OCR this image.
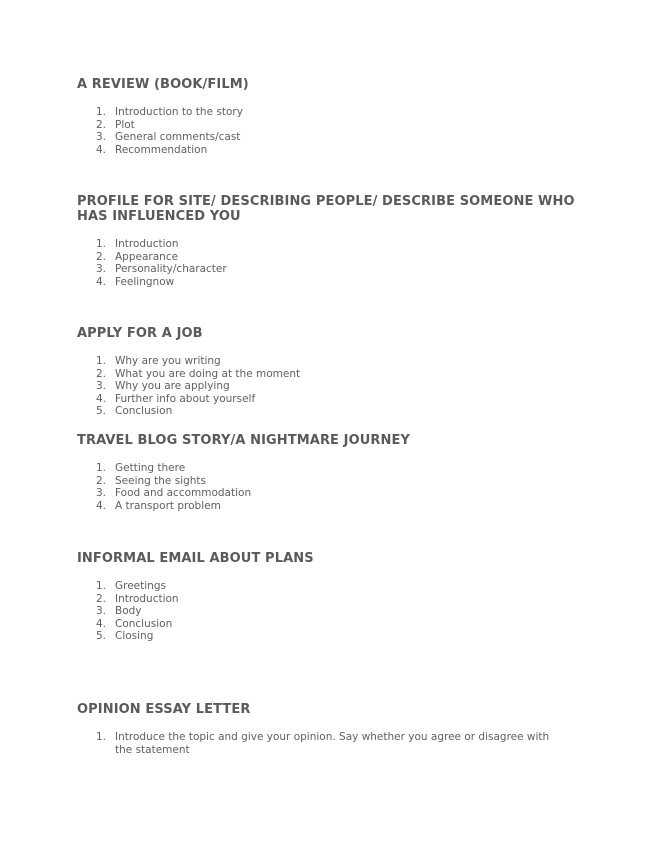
A REVIEW (BOOK/FILM)
1. Introduction to the story
2. Plot
3. General comments/cast
4. Recommendation
PROFILE FOR SITE/ DESCRIBING PEOPLE/ DESCRIBE SOMEONE WHO HAS INFLUENCED YOU
1. Introduction
2. Appearance
3. Personality/character
4. Feelingnow
APPLY FOR A JOB
1. Why are you writing
2. What you are doing at the moment
3. Why you are applying
4. Further info about yourself
5. Conclusion
TRAVEL BLOG STORY/A NIGHTMARE JOURNEY
1. Getting there
2. Seeing the sights
3. Food and accommodation
4. A transport problem
INFORMAL EMAIL ABOUT PLANS
1. Greetings
2. Introduction
3. Body
4. Conclusion
5. Closing
OPINION ESSAY LETTER
1. Introduce the topic and give your opinion. Say whether you agree or disagree with the statement
